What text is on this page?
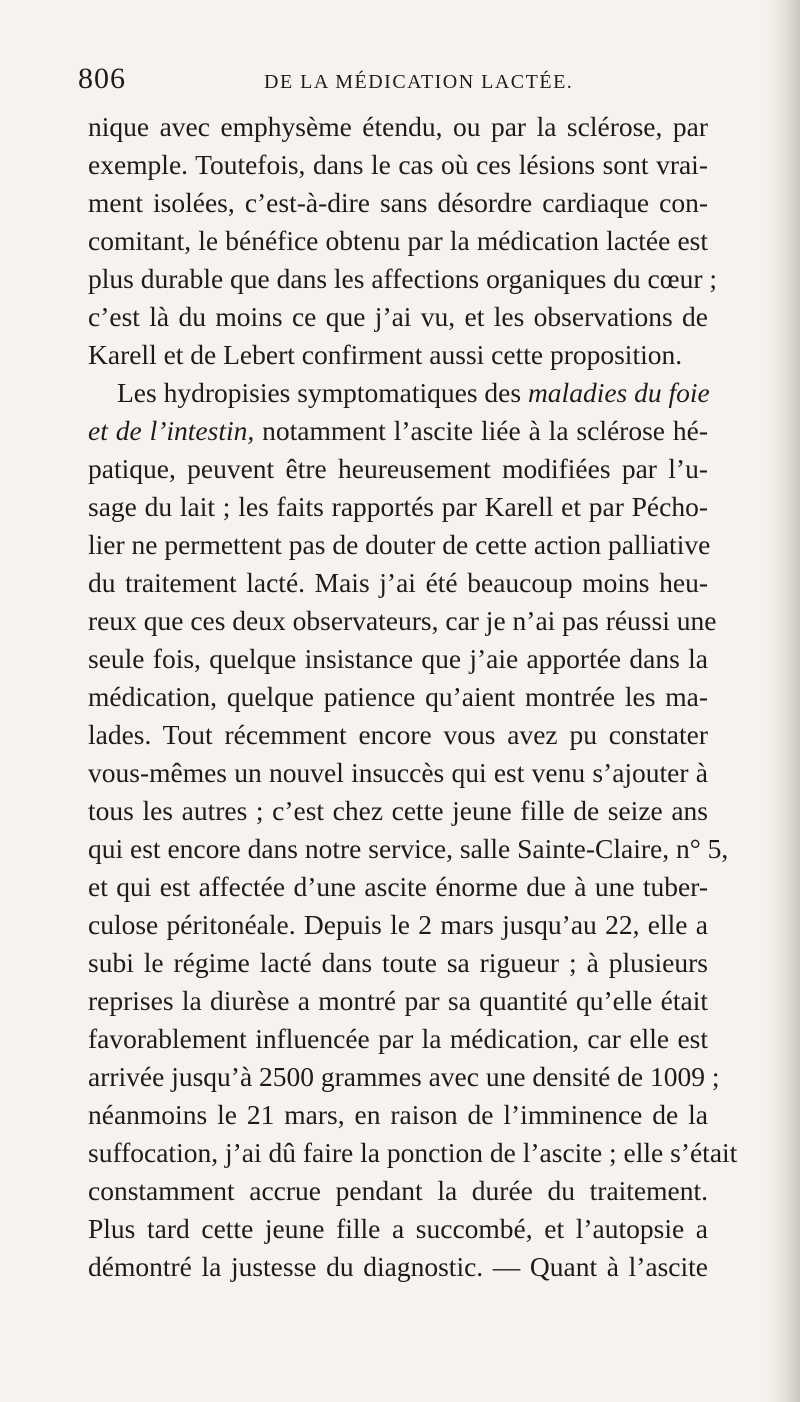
806	DE LA MÉDICATION LACTÉE.
nique avec emphysème étendu, ou par la sclérose, par
exemple. Toutefois, dans le cas où ces lésions sont vrai-
ment isolées, c’est-à-dire sans désordre cardiaque con-
comitant, le bénéfice obtenu par la médication lactée est
plus durable que dans les affections organiques du cœur ;
c’est là du moins ce que j’ai vu, et les observations de
Karell et de Lebert confirment aussi cette proposition.
Les hydropisies symptomatiques des maladies du foie
et de l’intestin, notamment l’ascite liée à la sclérose hé-
patique, peuvent être heureusement modifiées par l’u-
sage du lait ; les faits rapportés par Karell et par Pécho-
lier ne permettent pas de douter de cette action palliative
du traitement lacté. Mais j’ai été beaucoup moins heu-
reux que ces deux observateurs, car je n’ai pas réussi une
seule fois, quelque insistance que j’aie apportée dans la
médication, quelque patience qu’aient montrée les ma-
lades. Tout récemment encore vous avez pu constater
vous-mêmes un nouvel insuccès qui est venu s’ajouter à
tous les autres ; c’est chez cette jeune fille de seize ans
qui est encore dans notre service, salle Sainte-Claire, n° 5,
et qui est affectée d’une ascite énorme due à une tuber-
culose péritonéale. Depuis le 2 mars jusqu’au 22, elle a
subi le régime lacté dans toute sa rigueur ; à plusieurs
reprises la diurèse a montré par sa quantité qu’elle était
favorablement influencée par la médication, car elle est
arrivée jusqu’à 2500 grammes avec une densité de 1009 ;
néanmoins le 21 mars, en raison de l’imminence de la
suffocation, j’ai dû faire la ponction de l’ascite ; elle s’était
constamment accrue pendant la durée du traitement.
Plus tard cette jeune fille a succombé, et l’autopsie a
démontré la justesse du diagnostic. — Quant à l’ascite
